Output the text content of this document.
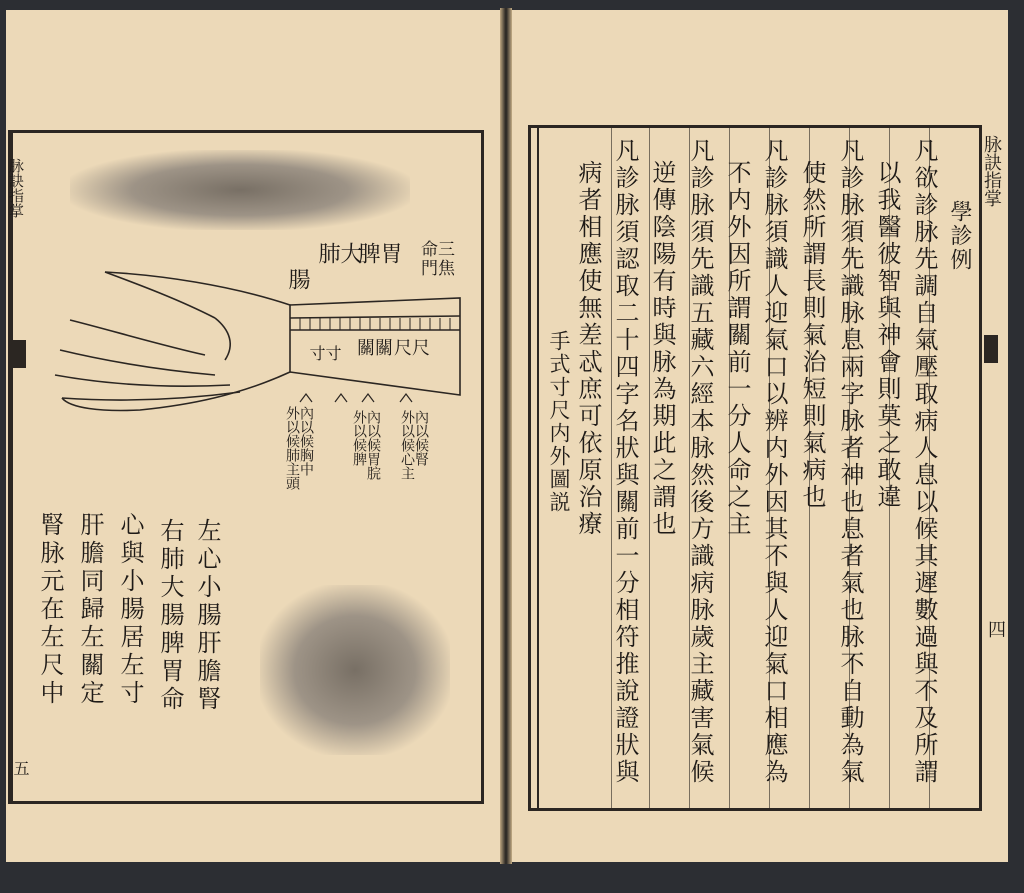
脉訣指掌
五
三焦
命門
胃
脾
大
肺
腸
尺
尺
關
關
寸
寸
內以候腎
外以候心主
內以候胃脘
外以候脾
內以候胸中
外以候肺主頭
左心小腸肝膽腎
右肺大腸脾胃命
心與小腸居左寸
肝膽同歸左關定
腎脉元在左尺中
脉訣指掌
四
學診例
凡欲診脉先調自氣壓取病人息以候其遲數過與不及所謂
以我醫彼智與神會則莫之敢違
凡診脉須先識脉息兩字脉者神也息者氣也脉不自動為氣
使然所謂長則氣治短則氣病也
凡診脉須識人迎氣口以辨内外因其不與人迎氣口相應為
不内外因所謂關前一分人命之主
凡診脉須先識五藏六經本脉然後方識病脉歲主藏害氣候
逆傳陰陽有時與脉為期此之謂也
凡診脉須認取二十四字名狀與關前一分相符推說證狀與
病者相應使無差忒庶可依原治療
手式寸尺内外圖説
